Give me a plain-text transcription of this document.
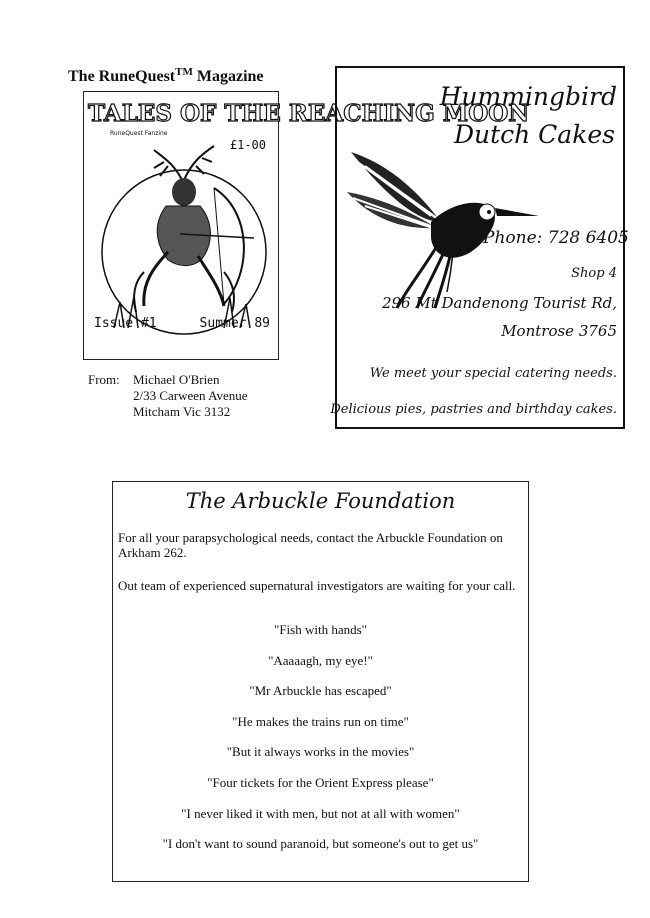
The RuneQuest™ Magazine
TALES OF THE REACHING MOON
RuneQuest Fanzine
£1-00
Issue #1	Summer 89
From: Michael O'Brien
2/33 Carween Avenue
Mitcham Vic 3132
Hummingbird
Dutch Cakes
Phone: 728 6405
Shop 4
296 Mt Dandenong Tourist Rd,
Montrose 3765
We meet your special catering needs.
Delicious pies, pastries and birthday cakes.
The Arbuckle Foundation
For all your parapsychological needs, contact the Arbuckle Foundation on Arkham 262.
Out team of experienced supernatural investigators are waiting for your call.
"Fish with hands"
"Aaaaagh, my eye!"
"Mr Arbuckle has escaped"
"He makes the trains run on time"
"But it always works in the movies"
"Four tickets for the Orient Express please"
"I never liked it with men, but not at all with women"
"I don't want to sound paranoid, but someone's out to get us"
